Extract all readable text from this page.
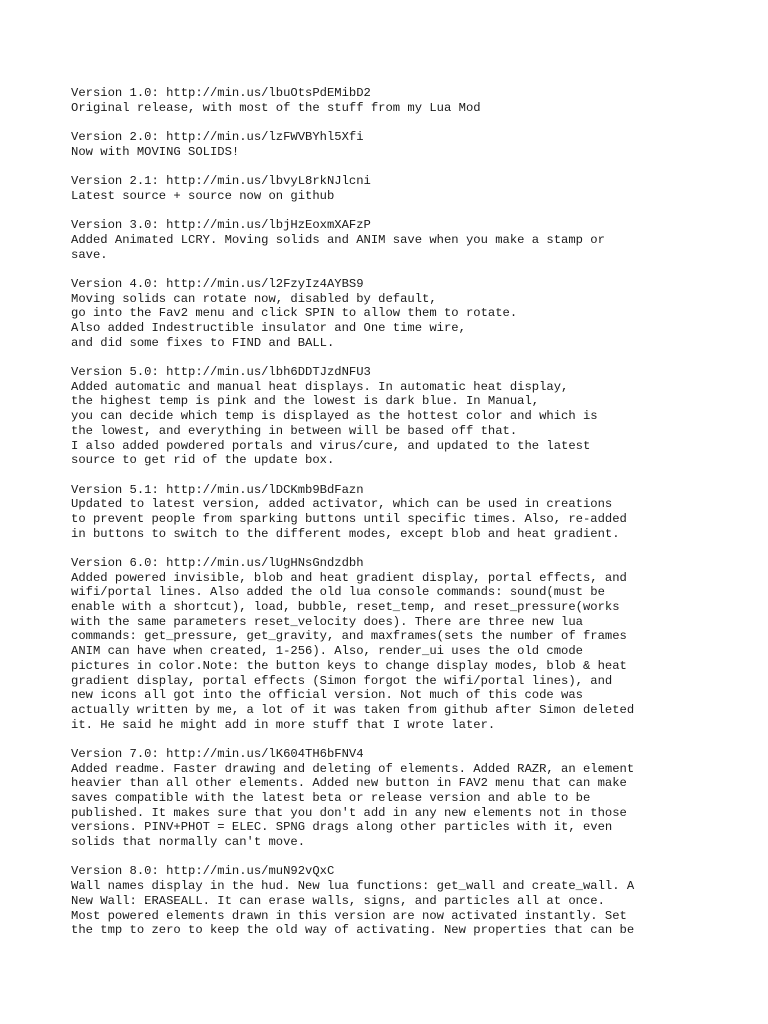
Version 1.0: http://min.us/lbuOtsPdEMibD2
Original release, with most of the stuff from my Lua Mod
Version 2.0: http://min.us/lzFWVBYhl5Xfi
Now with MOVING SOLIDS!
Version 2.1: http://min.us/lbvyL8rkNJlcni
Latest source + source now on github
Version 3.0: http://min.us/lbjHzEoxmXAFzP
Added Animated LCRY. Moving solids and ANIM save when you make a stamp or
save.
Version 4.0: http://min.us/l2FzyIz4AYBS9
Moving solids can rotate now, disabled by default,
go into the Fav2 menu and click SPIN to allow them to rotate.
Also added Indestructible insulator and One time wire,
and did some fixes to FIND and BALL.
Version 5.0: http://min.us/lbh6DDTJzdNFU3
Added automatic and manual heat displays. In automatic heat display,
the highest temp is pink and the lowest is dark blue. In Manual,
you can decide which temp is displayed as the hottest color and which is
the lowest, and everything in between will be based off that.
I also added powdered portals and virus/cure, and updated to the latest
source to get rid of the update box.
Version 5.1: http://min.us/lDCKmb9BdFazn
Updated to latest version, added activator, which can be used in creations
to prevent people from sparking buttons until specific times. Also, re-added
in buttons to switch to the different modes, except blob and heat gradient.
Version 6.0: http://min.us/lUgHNsGndzdbh
Added powered invisible, blob and heat gradient display, portal effects, and
wifi/portal lines. Also added the old lua console commands: sound(must be
enable with a shortcut), load, bubble, reset_temp, and reset_pressure(works
with the same parameters reset_velocity does). There are three new lua
commands: get_pressure, get_gravity, and maxframes(sets the number of frames
ANIM can have when created, 1-256). Also, render_ui uses the old cmode
pictures in color.Note: the button keys to change display modes, blob & heat
gradient display, portal effects (Simon forgot the wifi/portal lines), and
new icons all got into the official version. Not much of this code was
actually written by me, a lot of it was taken from github after Simon deleted
it. He said he might add in more stuff that I wrote later.
Version 7.0: http://min.us/lK604TH6bFNV4
Added readme. Faster drawing and deleting of elements. Added RAZR, an element
heavier than all other elements. Added new button in FAV2 menu that can make
saves compatible with the latest beta or release version and able to be
published. It makes sure that you don't add in any new elements not in those
versions. PINV+PHOT = ELEC. SPNG drags along other particles with it, even
solids that normally can't move.
Version 8.0: http://min.us/muN92vQxC
Wall names display in the hud. New lua functions: get_wall and create_wall. A
New Wall: ERASEALL. It can erase walls, signs, and particles all at once.
Most powered elements drawn in this version are now activated instantly. Set
the tmp to zero to keep the old way of activating. New properties that can be
